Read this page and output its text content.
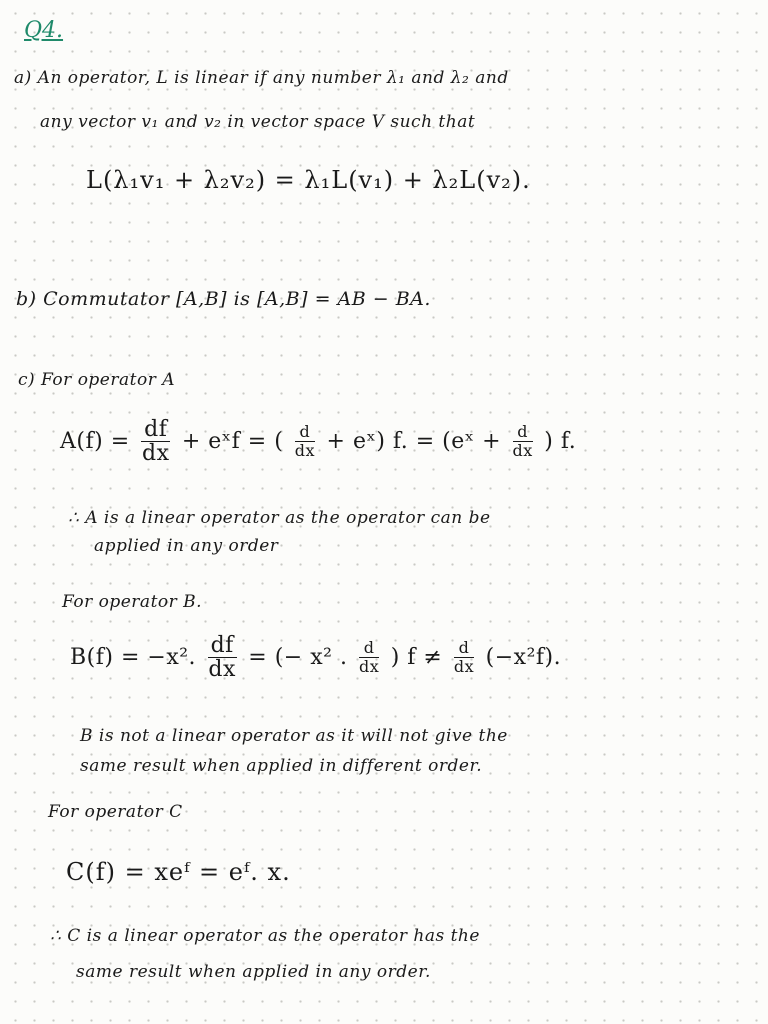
Q4.
a) An operator, L is linear if any number λ₁ and λ₂ and
any vector v₁ and v₂ in vector space V such that
L(λ₁v₁ + λ₂v₂) = λ₁L(v₁) + λ₂L(v₂).
b) Commutator [A,B] is [A,B] = AB − BA.
c) For operator A
$A(f) = \frac{df}{dx}$ + eˣf = ( $\frac{d}{dx}$ + eˣ) f. = (eˣ + $\frac{d}{dx}$ ) f.
∴ A is a linear operator as the operator can be
applied in any order
For operator B.
B(f) = −x². $\frac{df}{dx}$ = (− x² . $\frac{d}{dx}$ ) $f \ne \frac{d}{dx} (-x^2f)$.
B is not a linear operator as it will not give the
same result when applied in different order.
For operator C
C(f) = xeᶠ = eᶠ. x.
∴ C is a linear operator as the operator has the
same result when applied in any order.
